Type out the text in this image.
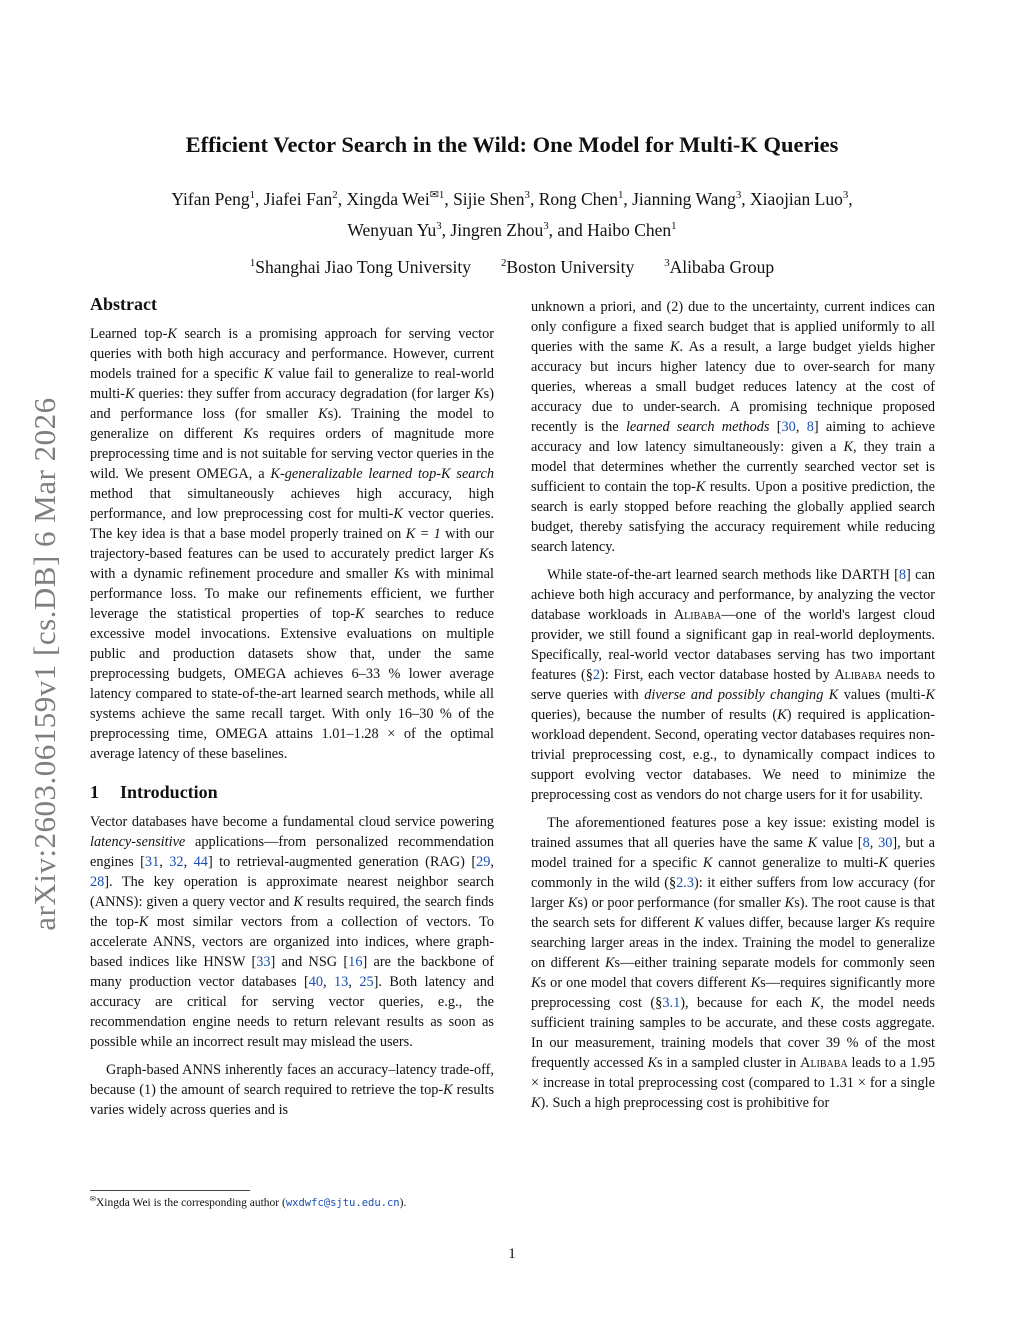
arXiv:2603.06159v1 [cs.DB] 6 Mar 2026
Efficient Vector Search in the Wild: One Model for Multi-K Queries
Yifan Peng$^1$, Jiafei Fan$^2$, Xingda Wei$^{✉1}$, Sijie Shen$^3$, Rong Chen$^1$, Jianning Wang$^3$, Xiaojian Luo$^3$,
Wenyuan Yu$^3$, Jingren Zhou$^3$, and Haibo Chen$^1$
$^1$Shanghai Jiao Tong University	$^2$Boston University	$^3$Alibaba Group
Abstract

Learned top-K search is a promising approach for serving vector queries with both high accuracy and performance. However, current models trained for a specific K value fail to generalize to real-world multi-K queries: they suffer from accuracy degradation (for larger Ks) and performance loss (for smaller Ks). Training the model to generalize on different Ks requires orders of magnitude more preprocessing time and is not suitable for serving vector queries in the wild. We present OMEGA, a K-generalizable learned top-K search method that simultaneously achieves high accuracy, high performance, and low preprocessing cost for multi-K vector queries. The key idea is that a base model properly trained on K = 1 with our trajectory-based features can be used to accurately predict larger Ks with a dynamic refinement procedure and smaller Ks with minimal performance loss. To make our refinements efficient, we further leverage the statistical properties of top-K searches to reduce excessive model invocations. Extensive evaluations on multiple public and production datasets show that, under the same preprocessing budgets, OMEGA achieves 6–33 % lower average latency compared to state-of-the-art learned search methods, while all systems achieve the same recall target. With only 16–30 % of the preprocessing time, OMEGA attains 1.01–1.28 × of the optimal average latency of these baselines.

1 Introduction

Vector databases have become a fundamental cloud service powering latency-sensitive applications—from personalized recommendation engines [31, 32, 44] to retrieval-augmented generation (RAG) [29, 28]. The key operation is approximate nearest neighbor search (ANNS): given a query vector and K results required, the search finds the top-K most similar vectors from a collection of vectors. To accelerate ANNS, vectors are organized into indices, where graph-based indices like HNSW [33] and NSG [16] are the backbone of many production vector databases [40, 13, 25]. Both latency and accuracy are critical for serving vector queries, e.g., the recommendation engine needs to return relevant results as soon as possible while an incorrect result may mislead the users.

Graph-based ANNS inherently faces an accuracy–latency trade-off, because (1) the amount of search required to retrieve the top-K results varies widely across queries and is

unknown a priori, and (2) due to the uncertainty, current indices can only configure a fixed search budget that is applied uniformly to all queries with the same K. As a result, a large budget yields higher accuracy but incurs higher latency due to over-search for many queries, whereas a small budget reduces latency at the cost of accuracy due to under-search. A promising technique proposed recently is the learned search methods [30, 8] aiming to achieve accuracy and low latency simultaneously: given a K, they train a model that determines whether the currently searched vector set is sufficient to contain the top-K results. Upon a positive prediction, the search is early stopped before reaching the globally applied search budget, thereby satisfying the accuracy requirement while reducing search latency.

While state-of-the-art learned search methods like DARTH [8] can achieve both high accuracy and performance, by analyzing the vector database workloads in Alibaba—one of the world's largest cloud provider, we still found a significant gap in real-world deployments. Specifically, real-world vector databases serving has two important features (§2): First, each vector database hosted by Alibaba needs to serve queries with diverse and possibly changing K values (multi-K queries), because the number of results (K) required is application-workload dependent. Second, operating vector databases requires non-trivial preprocessing cost, e.g., to dynamically compact indices to support evolving vector databases. We need to minimize the preprocessing cost as vendors do not charge users for it for usability.

The aforementioned features pose a key issue: existing model is trained assumes that all queries have the same K value [8, 30], but a model trained for a specific K cannot generalize to multi-K queries commonly in the wild (§2.3): it either suffers from low accuracy (for larger Ks) or poor performance (for smaller Ks). The root cause is that the search sets for different K values differ, because larger Ks require searching larger areas in the index. Training the model to generalize on different Ks—either training separate models for commonly seen Ks or one model that covers different Ks—requires significantly more preprocessing cost (§3.1), because for each K, the model needs sufficient training samples to be accurate, and these costs aggregate. In our measurement, training models that cover 39 % of the most frequently accessed Ks in a sampled cluster in Alibaba leads to a 1.95 × increase in total preprocessing cost (compared to 1.31 × for a single K). Such a high preprocessing cost is prohibitive for

✉Xingda Wei is the corresponding author (wxdwfc@sjtu.edu.cn).
1
